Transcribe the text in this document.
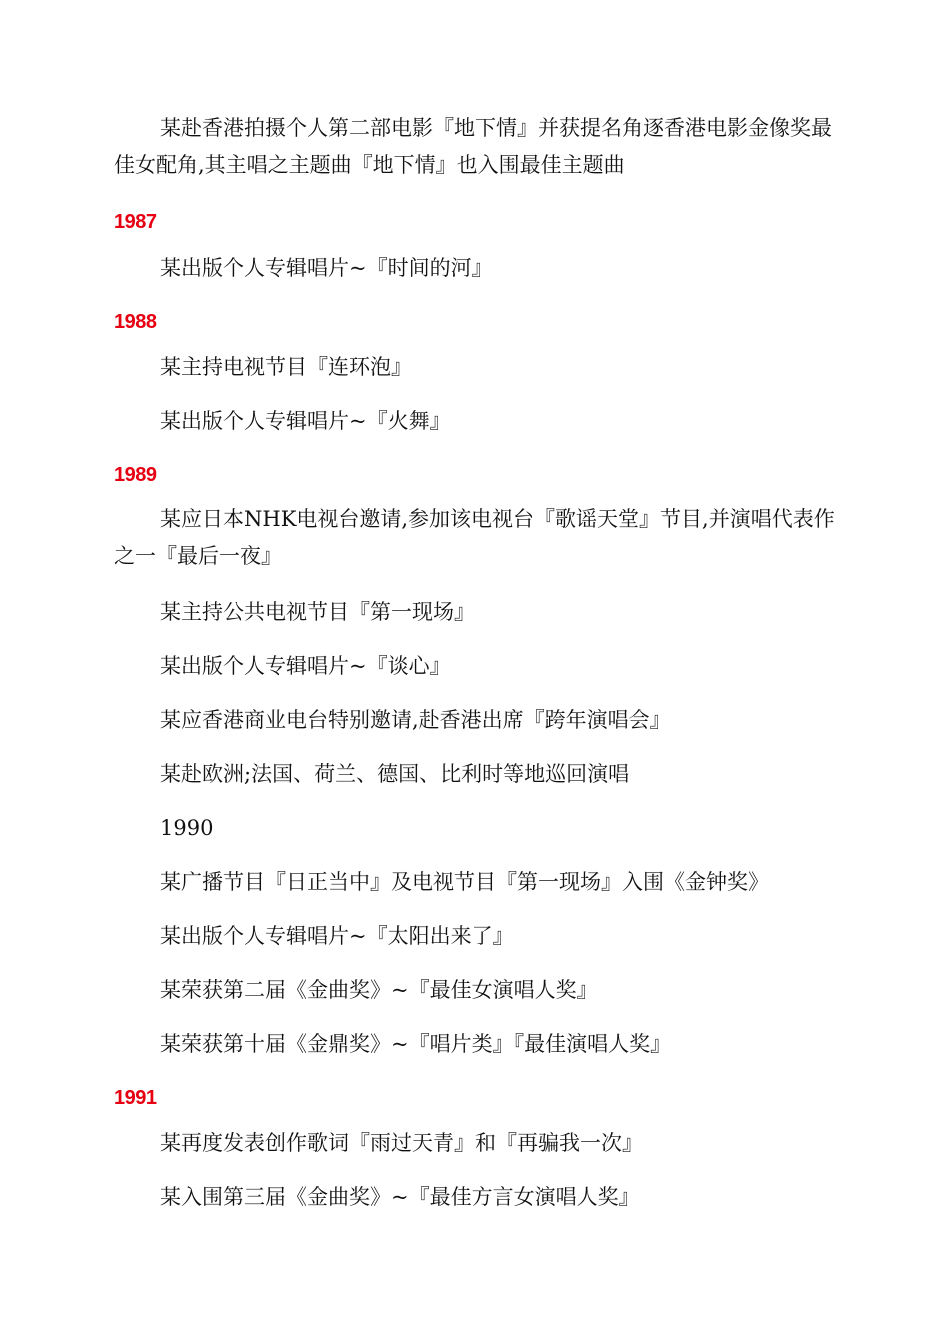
某赴香港拍摄个人第二部电影『地下情』并获提名角逐香港电影金像奖最佳女配角,其主唱之主题曲『地下情』也入围最佳主题曲
1987
某出版个人专辑唱片~『时间的河』
1988
某主持电视节目『连环泡』
某出版个人专辑唱片~『火舞』
1989
某应日本NHK电视台邀请,参加该电视台『歌谣天堂』节目,并演唱代表作之一『最后一夜』
某主持公共电视节目『第一现场』
某出版个人专辑唱片~『谈心』
某应香港商业电台特别邀请,赴香港出席『跨年演唱会』
某赴欧洲;法国、荷兰、德国、比利时等地巡回演唱
1990
某广播节目『日正当中』及电视节目『第一现场』入围《金钟奖》
某出版个人专辑唱片~『太阳出来了』
某荣获第二届《金曲奖》~『最佳女演唱人奖』
某荣获第十届《金鼎奖》~『唱片类』『最佳演唱人奖』
1991
某再度发表创作歌词『雨过天青』和『再骗我一次』
某入围第三届《金曲奖》~『最佳方言女演唱人奖』
